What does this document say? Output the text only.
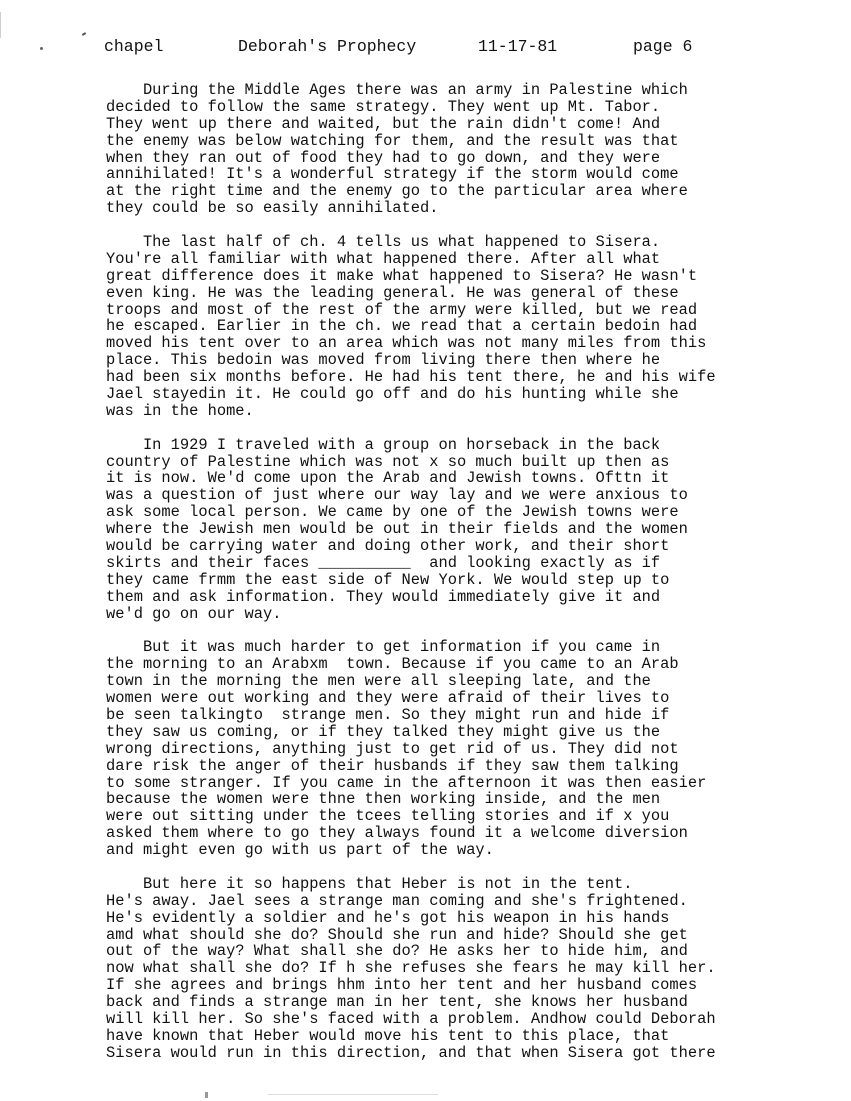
chapel

	Deborah's Prophecy

	11-17-81

	page 6

During the Middle Ages there was an army in Palestine which
decided to follow the same strategy. They went up Mt. Tabor.
They went up there and waited, but the rain didn't come! And
the enemy was below watching for them, and the result was that
when they ran out of food they had to go down, and they were
annihilated! It's a wonderful strategy if the storm would come
at the right time and the enemy go to the particular area where
they could be so easily annihilated.
The last half of ch. 4 tells us what happened to Sisera.
You're all familiar with what happened there. After all what
great difference does it make what happened to Sisera? He wasn't
even king. He was the leading general. He was general of these
troops and most of the rest of the army were killed, but we read
he escaped. Earlier in the ch. we read that a certain bedoin had
moved his tent over to an area which was not many miles from this
place. This bedoin was moved from living there then where he
had been six months before. He had his tent there, he and his wife
Jael stayedin it. He could go off and do his hunting while she
was in the home.
In 1929 I traveled with a group on horseback in the back
country of Palestine which was not x so much built up then as
it is now. We'd come upon the Arab and Jewish towns. Ofttn it
was a question of just where our way lay and we were anxious to
ask some local person. We came by one of the Jewish towns were
where the Jewish men would be out in their fields and the women
would be carrying water and doing other work, and their short
skirts and their faces __________  and looking exactly as if
they came frmm the east side of New York. We would step up to
them and ask information. They would immediately give it and
we'd go on our way.
But it was much harder to get information if you came in
the morning to an Arabxm  town. Because if you came to an Arab
town in the morning the men were all sleeping late, and the
women were out working and they were afraid of their lives to
be seen talkingto  strange men. So they might run and hide if
they saw us coming, or if they talked they might give us the
wrong directions, anything just to get rid of us. They did not
dare risk the anger of their husbands if they saw them talking
to some stranger. If you came in the afternoon it was then easier
because the women were thne then working inside, and the men
were out sitting under the tcees telling stories and if x you
asked them where to go they always found it a welcome diversion
and might even go with us part of the way.
But here it so happens that Heber is not in the tent.
He's away. Jael sees a strange man coming and she's frightened.
He's evidently a soldier and he's got his weapon in his hands
amd what should she do? Should she run and hide? Should she get
out of the way? What shall she do? He asks her to hide him, and
now what shall she do? If h she refuses she fears he may kill her.
If she agrees and brings hhm into her tent and her husband comes
back and finds a strange man in her tent, she knows her husband
will kill her. So she's faced with a problem. Andhow could Deborah
have known that Heber would move his tent to this place, that
Sisera would run in this direction, and that when Sisera got there
